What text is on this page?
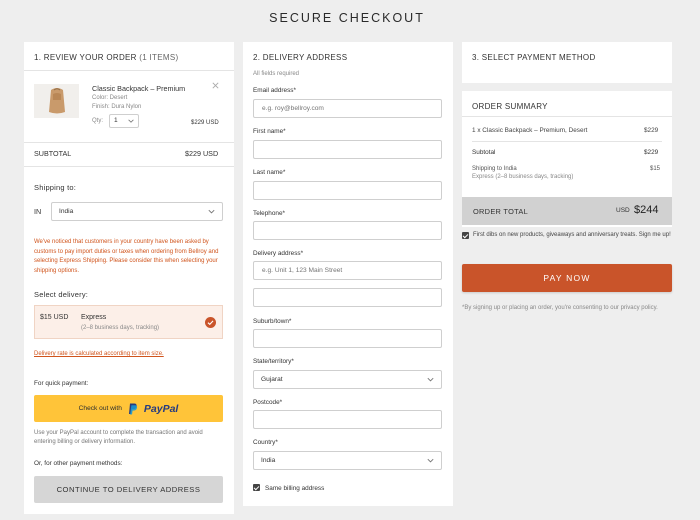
SECURE CHECKOUT
1. REVIEW YOUR ORDER (1 ITEMS)
Classic Backpack – Premium
Color: Desert
Finish: Dura Nylon
Qty:	1	$229 USD
SUBTOTAL	$229 USD
Shipping to:
IN	India
We've noticed that customers in your country have been asked by customs to pay import duties or taxes when ordering from Bellroy and selecting Express Shipping. Please consider this when selecting your shipping options.
Select delivery:
$15 USD Express
(2–8 business days, tracking)
Delivery rate is calculated according to item size.
For quick payment:
Check out with PayPal
Use your PayPal account to complete the transaction and avoid entering billing or delivery information.
Or, for other payment methods:
CONTINUE TO DELIVERY ADDRESS
2. DELIVERY ADDRESS
All fields required
Email address*
e.g. roy@bellroy.com
First name*
Last name*
Telephone*
Delivery address*
e.g. Unit 1, 123 Main Street
Suburb/town*
State/territory*
Gujarat
Postcode*
Country*
India
Same billing address
3. SELECT PAYMENT METHOD
ORDER SUMMARY
1 x Classic Backpack – Premium, Desert	$229
Subtotal	$229
Shipping to India
Express (2–8 business days, tracking)
$15
ORDER TOTAL	USD $244
First dibs on new products, giveaways and anniversary treats. Sign me up!
PAY NOW
*By signing up or placing an order, you're consenting to our privacy policy.
